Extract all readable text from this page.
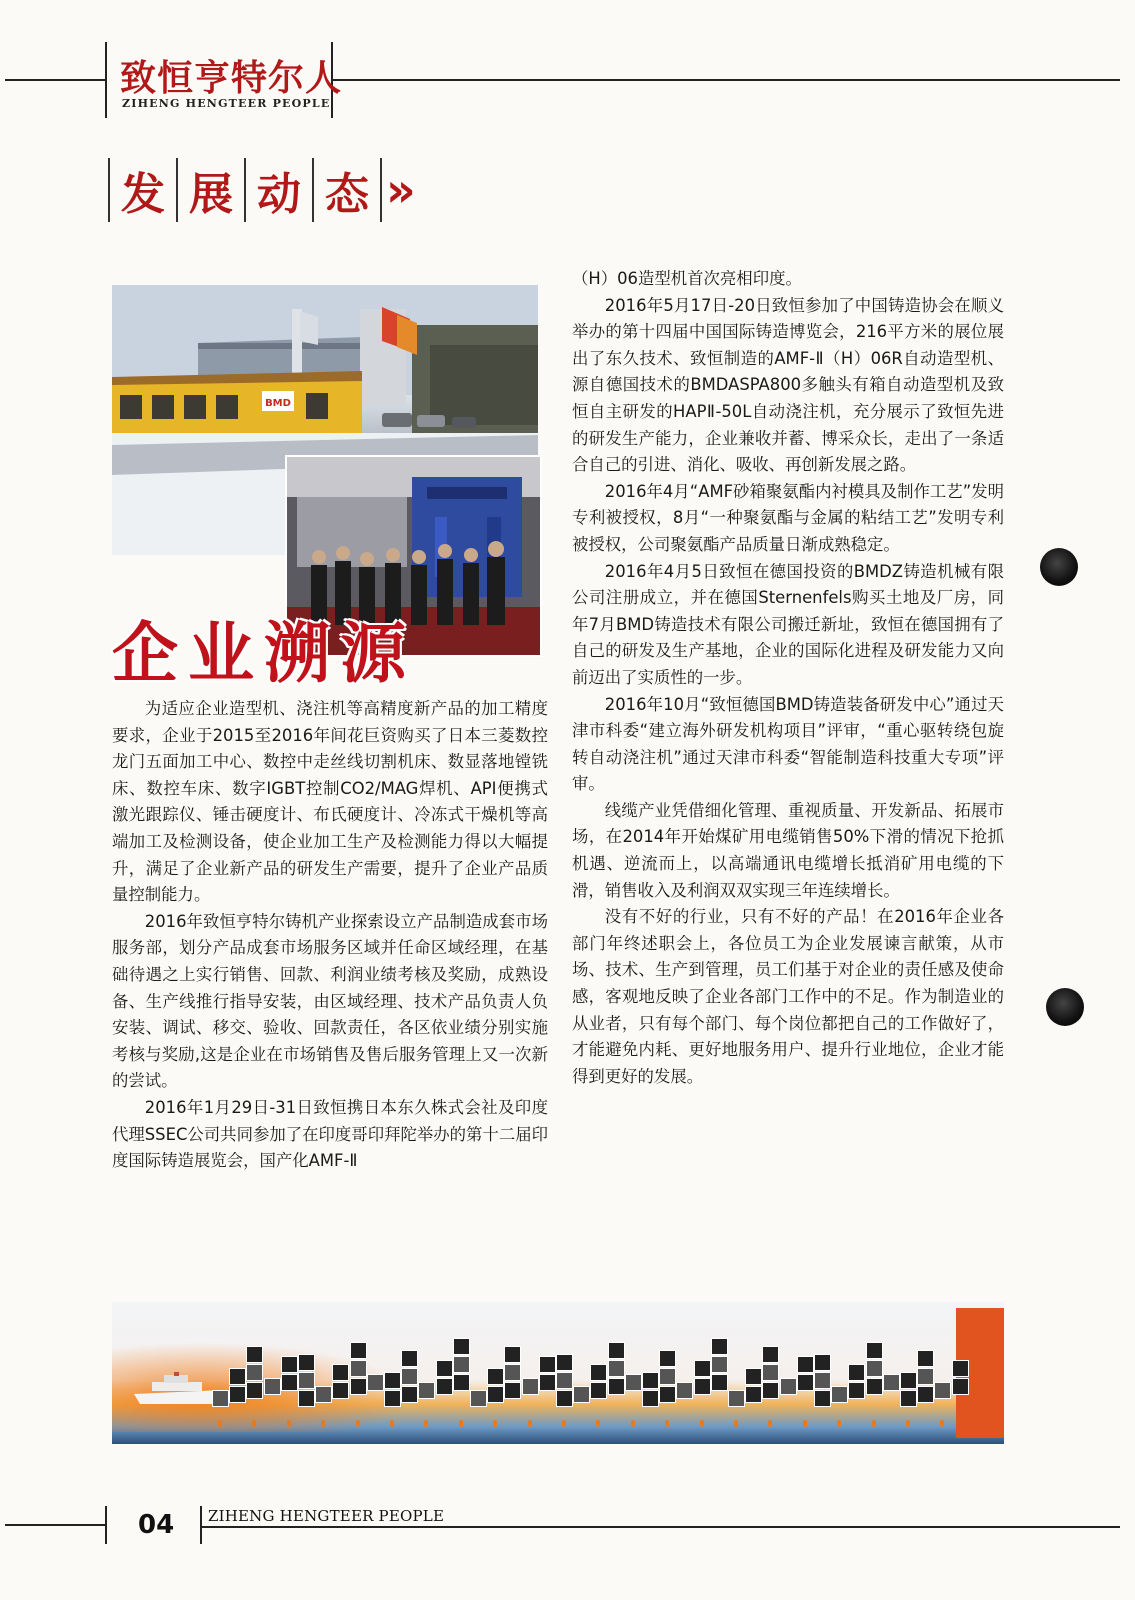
致恒亨特尔人
ZIHENG HENGTEER PEOPLE
发 展 动 态 »
BMD
企业溯源

为适应企业造型机、浇注机等高精度新产品的加工精度要求，企业于2015至2016年间花巨资购买了日本三菱数控龙门五面加工中心、数控中走丝线切割机床、数显落地镗铣床、数控车床、数字IGBT控制CO2/MAG焊机、API便携式激光跟踪仪、锤击硬度计、布氏硬度计、冷冻式干燥机等高端加工及检测设备，使企业加工生产及检测能力得以大幅提升，满足了企业新产品的研发生产需要，提升了企业产品质量控制能力。

2016年致恒亨特尔铸机产业探索设立产品制造成套市场服务部，划分产品成套市场服务区域并任命区域经理，在基础待遇之上实行销售、回款、利润业绩考核及奖励，成熟设备、生产线推行指导安装，由区域经理、技术产品负责人负安装、调试、移交、验收、回款责任，各区依业绩分别实施考核与奖励,这是企业在市场销售及售后服务管理上又一次新的尝试。

2016年1月29日-31日致恒携日本东久株式会社及印度代理SSEC公司共同参加了在印度哥印拜陀举办的第十二届印度国际铸造展览会，国产化AMF-Ⅱ

（H）06造型机首次亮相印度。

2016年5月17日-20日致恒参加了中国铸造协会在顺义举办的第十四届中国国际铸造博览会，216平方米的展位展出了东久技术、致恒制造的AMF-Ⅱ（H）06R自动造型机、源自德国技术的BMDASPA800多触头有箱自动造型机及致恒自主研发的HAPⅡ-50L自动浇注机，充分展示了致恒先进的研发生产能力，企业兼收并蓄、博采众长，走出了一条适合自己的引进、消化、吸收、再创新发展之路。

2016年4月“AMF砂箱聚氨酯内衬模具及制作工艺”发明专利被授权，8月“一种聚氨酯与金属的粘结工艺”发明专利被授权，公司聚氨酯产品质量日渐成熟稳定。

2016年4月5日致恒在德国投资的BMDZ铸造机械有限公司注册成立，并在德国Sternenfels购买土地及厂房，同年7月BMD铸造技术有限公司搬迁新址，致恒在德国拥有了自己的研发及生产基地，企业的国际化进程及研发能力又向前迈出了实质性的一步。

2016年10月“致恒德国BMD铸造装备研发中心”通过天津市科委“建立海外研发机构项目”评审，“重心驱转绕包旋转自动浇注机”通过天津市科委“智能制造科技重大专项”评审。

线缆产业凭借细化管理、重视质量、开发新品、拓展市场，在2014年开始煤矿用电缆销售50%下滑的情况下抢抓机遇、逆流而上，以高端通讯电缆增长抵消矿用电缆的下滑，销售收入及利润双双实现三年连续增长。

没有不好的行业，只有不好的产品！在2016年企业各部门年终述职会上，各位员工为企业发展谏言献策，从市场、技术、生产到管理，员工们基于对企业的责任感及使命感，客观地反映了企业各部门工作中的不足。作为制造业的从业者，只有每个部门、每个岗位都把自己的工作做好了，才能避免内耗、更好地服务用户、提升行业地位，企业才能得到更好的发展。

04 ZIHENG HENGTEER PEOPLE
